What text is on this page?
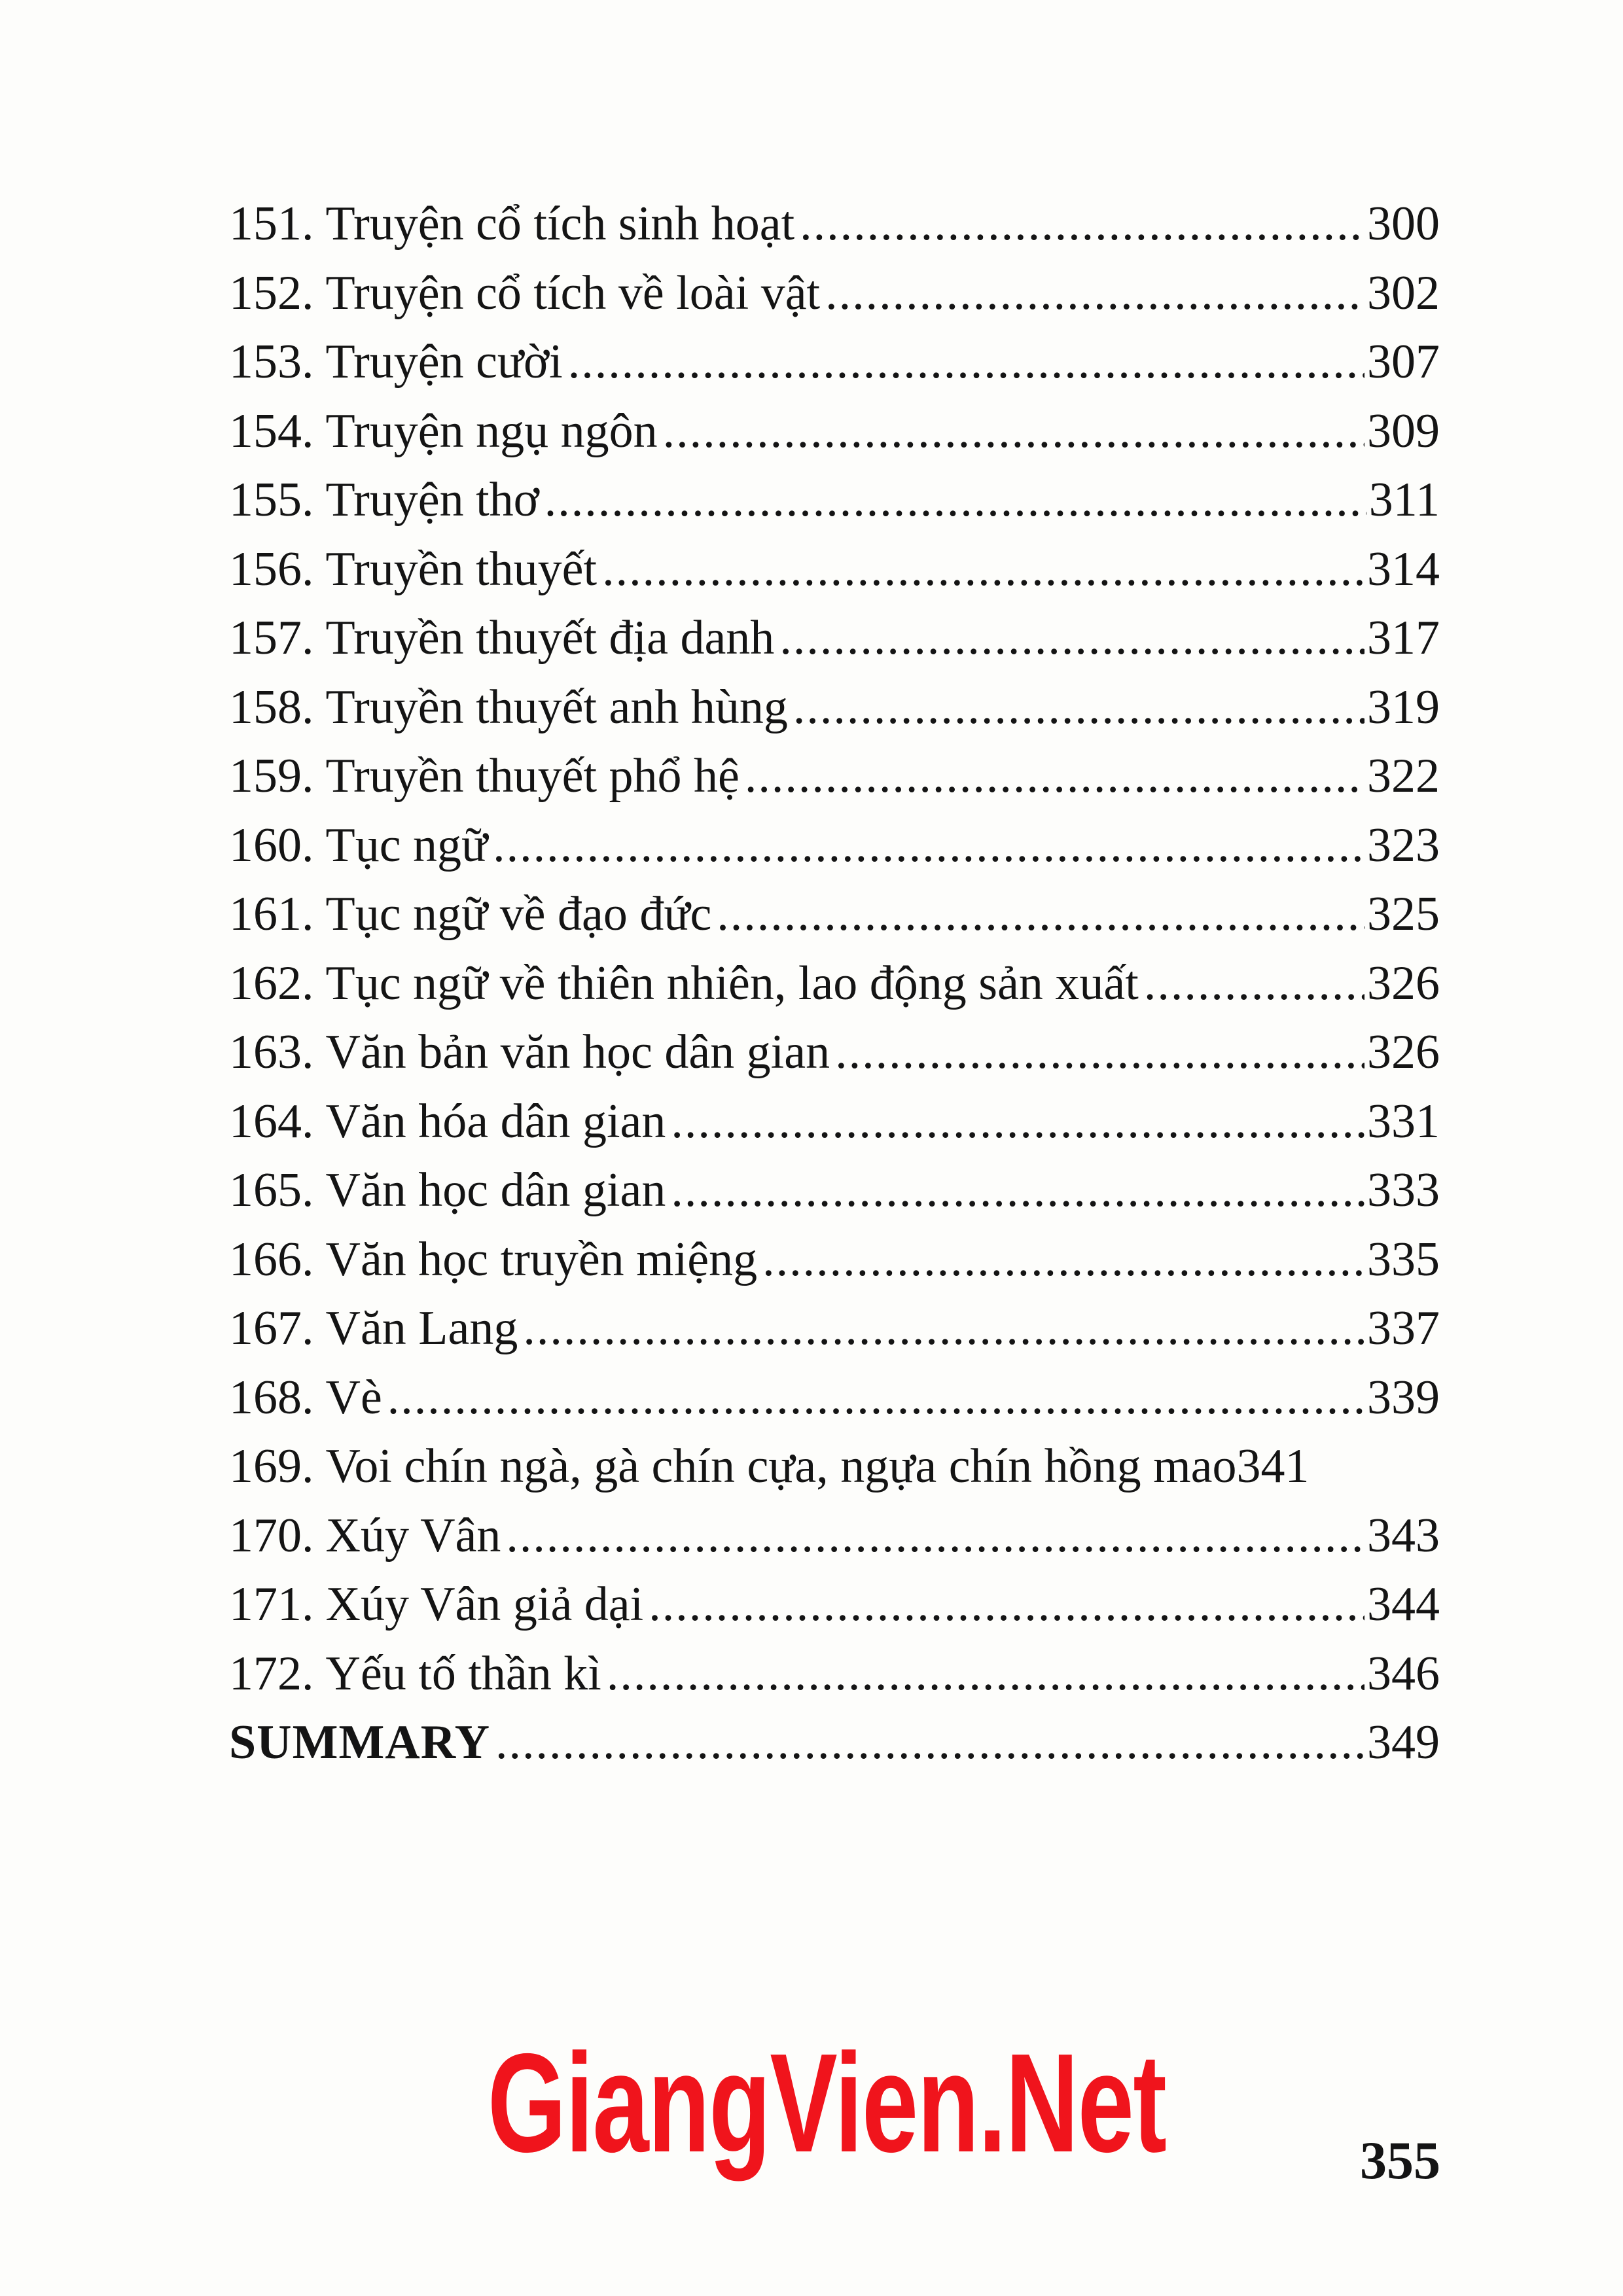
151. Truyện cổ tích sinh hoạt .....	300
152. Truyện cổ tích về loài vật .....	302
153. Truyện cười .....	307
154. Truyện ngụ ngôn .....	309
155. Truyện thơ .....	311
156. Truyền thuyết .....	314
157. Truyền thuyết địa danh .....	317
158. Truyền thuyết anh hùng .....	319
159. Truyền thuyết phổ hệ .....	322
160. Tục ngữ .....	323
161. Tục ngữ về đạo đức .....	325
162. Tục ngữ về thiên nhiên, lao động sản xuất .....	326
163. Văn bản văn học dân gian .....	326
164. Văn hóa dân gian .....	331
165. Văn học dân gian .....	333
166. Văn học truyền miệng .....	335
167. Văn Lang .....	337
168. Vè .....	339
169. Voi chín ngà, gà chín cựa, ngựa chín hồng mao 341
170. Xúy Vân .....	343
171. Xúy Vân giả dại .....	344
172. Yếu tố thần kì .....	346
SUMMARY .....	349
GiangVien.Net	355
